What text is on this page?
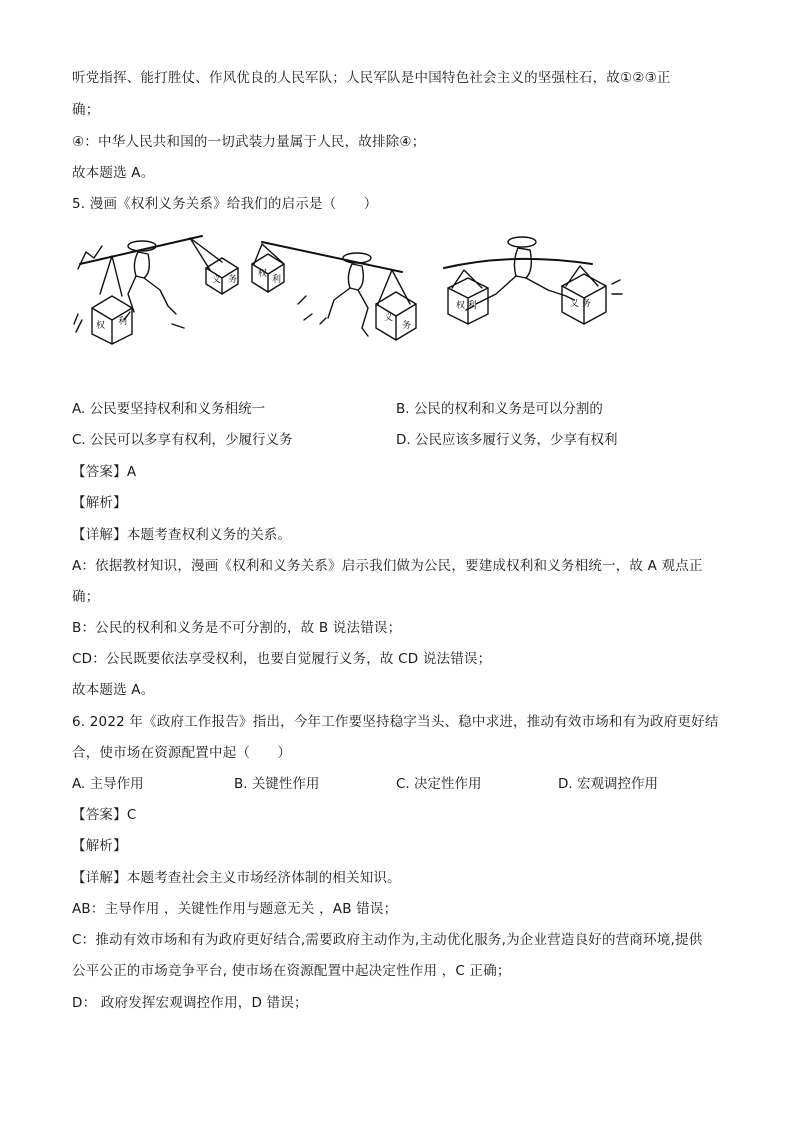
听党指挥、能打胜仗、作风优良的人民军队；人民军队是中国特色社会主义的坚强柱石，故①②③正
确；
④：中华人民共和国的一切武装力量属于人民，故排除④；
故本题选 A。
5. 漫画《权利义务关系》给我们的启示是（　　）
权 利
义 务
权
利
义
务
权 利	义 务
A. 公民要坚持权利和义务相统一	B. 公民的权利和义务是可以分割的
C. 公民可以多享有权利，少履行义务	D. 公民应该多履行义务，少享有权利
【答案】A
【解析】
【详解】本题考查权利义务的关系。
A：依据教材知识，漫画《权利和义务关系》启示我们做为公民，要建成权利和义务相统一，故 A 观点正
确；
B：公民的权利和义务是不可分割的，故 B 说法错误；
CD：公民既要依法享受权利，也要自觉履行义务，故 CD 说法错误；
故本题选 A。
6. 2022 年《政府工作报告》指出，今年工作要坚持稳字当头、稳中求进，推动有效市场和有为政府更好结
合，使市场在资源配置中起（　　）
A. 主导作用	B. 关键性作用	C. 决定性作用	D. 宏观调控作用
【答案】C
【解析】
【详解】本题考查社会主义市场经济体制的相关知识。
AB：主导作用 ，关键性作用与题意无关 ，AB 错误；
C：推动有效市场和有为政府更好结合,需要政府主动作为,主动优化服务,为企业营造良好的营商环境,提供
公平公正的市场竞争平台, 使市场在资源配置中起决定性作用 ，C 正确；
D： 政府发挥宏观调控作用，D 错误；
